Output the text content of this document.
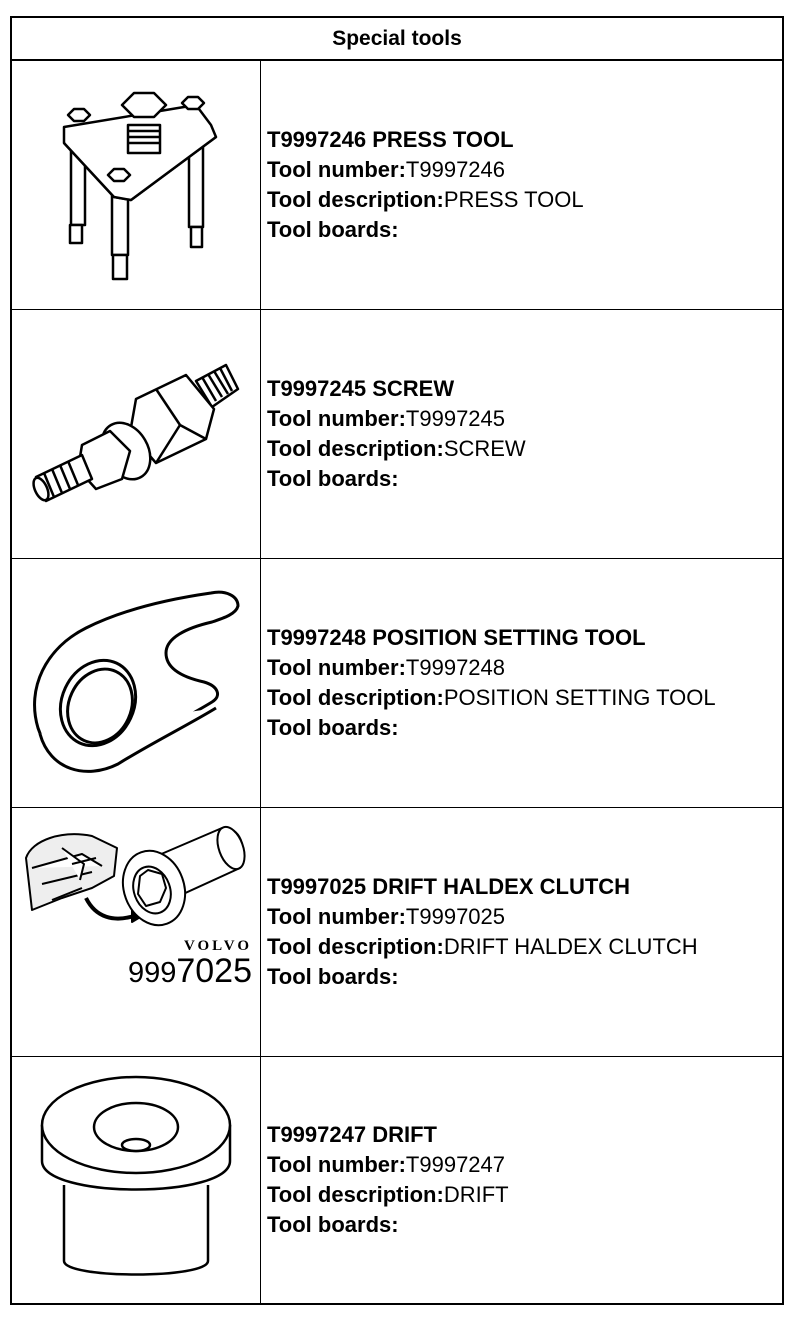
Special tools
T9997246 PRESS TOOL
Tool number:T9997246
Tool description:PRESS TOOL
Tool boards:
T9997245 SCREW
Tool number:T9997245
Tool description:SCREW
Tool boards:
T9997248 POSITION SETTING TOOL
Tool number:T9997248
Tool description:POSITION SETTING TOOL
Tool boards:
VOLVO
9997025
T9997025 DRIFT HALDEX CLUTCH
Tool number:T9997025
Tool description:DRIFT HALDEX CLUTCH
Tool boards:
T9997247 DRIFT
Tool number:T9997247
Tool description:DRIFT
Tool boards:
